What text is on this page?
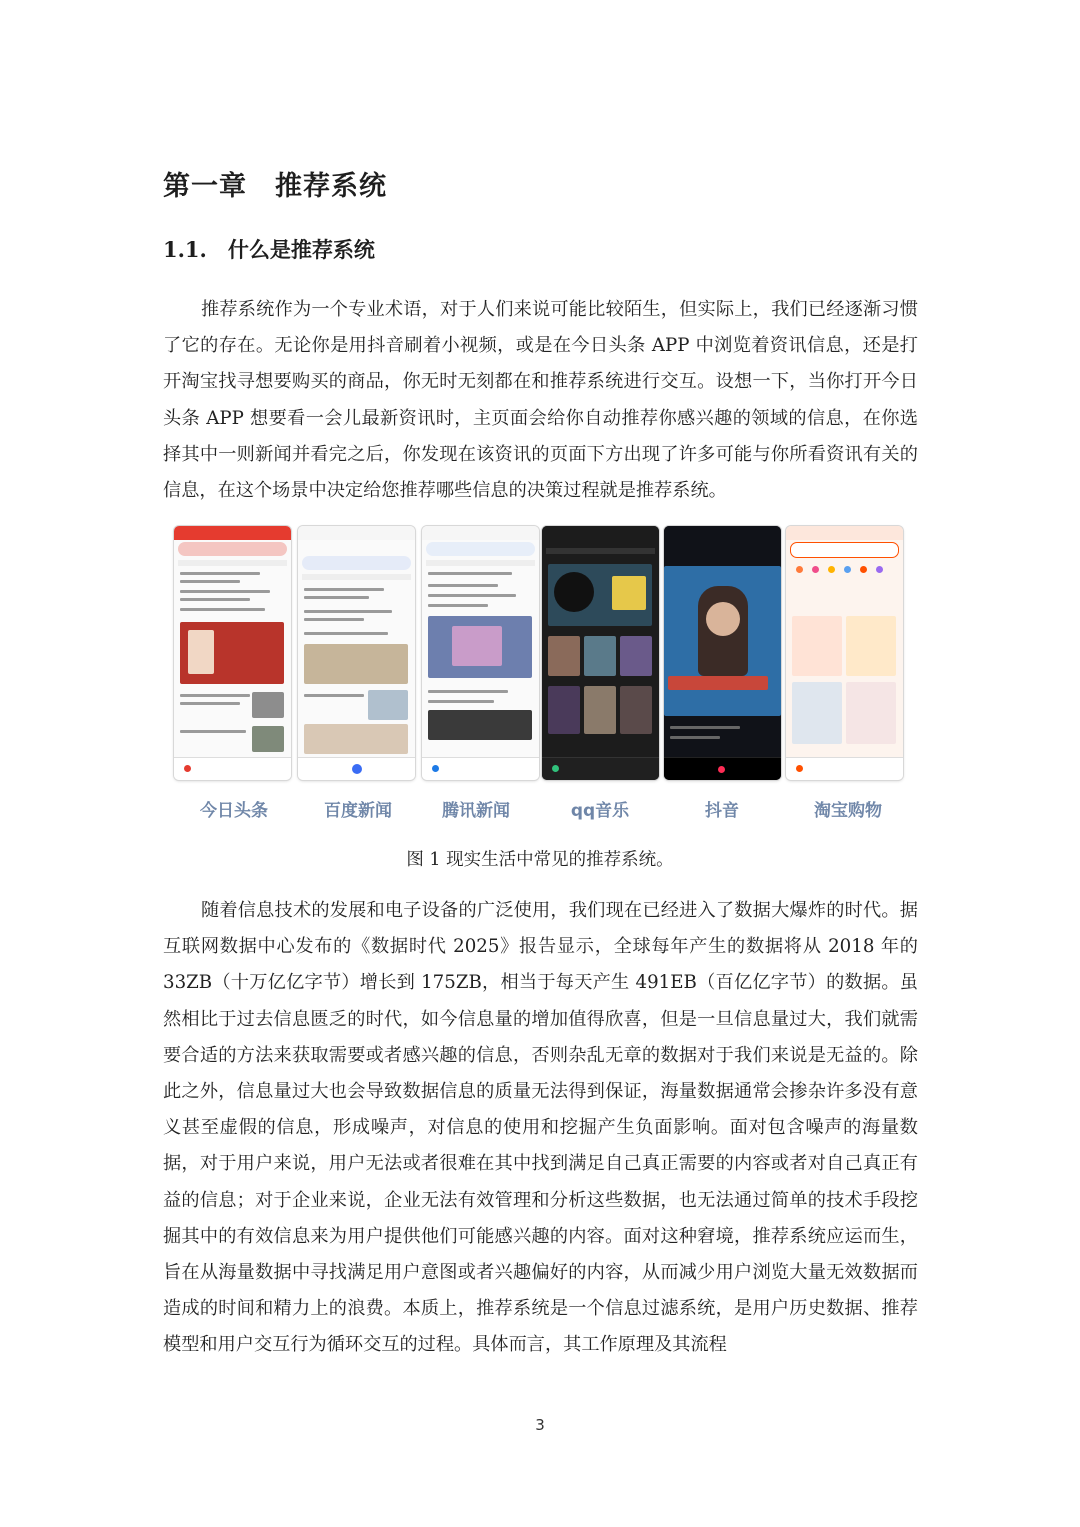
第一章　推荐系统
1.1.　什么是推荐系统

推荐系统作为一个专业术语，对于人们来说可能比较陌生，但实际上，我们已经逐渐习惯了它的存在。无论你是用抖音刷着小视频，或是在今日头条 APP 中浏览着资讯信息，还是打开淘宝找寻想要购买的商品，你无时无刻都在和推荐系统进行交互。设想一下，当你打开今日头条 APP 想要看一会儿最新资讯时，主页面会给你自动推荐你感兴趣的领域的信息，在你选择其中一则新闻并看完之后，你发现在该资讯的页面下方出现了许多可能与你所看资讯有关的信息，在这个场景中决定给您推荐哪些信息的决策过程就是推荐系统。

今日头条	百度新闻	腾讯新闻	qq音乐	抖音	淘宝购物

图 1 现实生活中常见的推荐系统。

随着信息技术的发展和电子设备的广泛使用，我们现在已经进入了数据大爆炸的时代。据互联网数据中心发布的《数据时代 2025》报告显示，全球每年产生的数据将从 2018 年的 33ZB（十万亿亿字节）增长到 175ZB，相当于每天产生 491EB（百亿亿字节）的数据。虽然相比于过去信息匮乏的时代，如今信息量的增加值得欣喜，但是一旦信息量过大，我们就需要合适的方法来获取需要或者感兴趣的信息，否则杂乱无章的数据对于我们来说是无益的。除此之外，信息量过大也会导致数据信息的质量无法得到保证，海量数据通常会掺杂许多没有意义甚至虚假的信息，形成噪声，对信息的使用和挖掘产生负面影响。面对包含噪声的海量数据，对于用户来说，用户无法或者很难在其中找到满足自己真正需要的内容或者对自己真正有益的信息；对于企业来说，企业无法有效管理和分析这些数据，也无法通过简单的技术手段挖掘其中的有效信息来为用户提供他们可能感兴趣的内容。面对这种窘境，推荐系统应运而生，旨在从海量数据中寻找满足用户意图或者兴趣偏好的内容，从而减少用户浏览大量无效数据而造成的时间和精力上的浪费。本质上，推荐系统是一个信息过滤系统，是用户历史数据、推荐模型和用户交互行为循环交互的过程。具体而言，其工作原理及其流程

3
